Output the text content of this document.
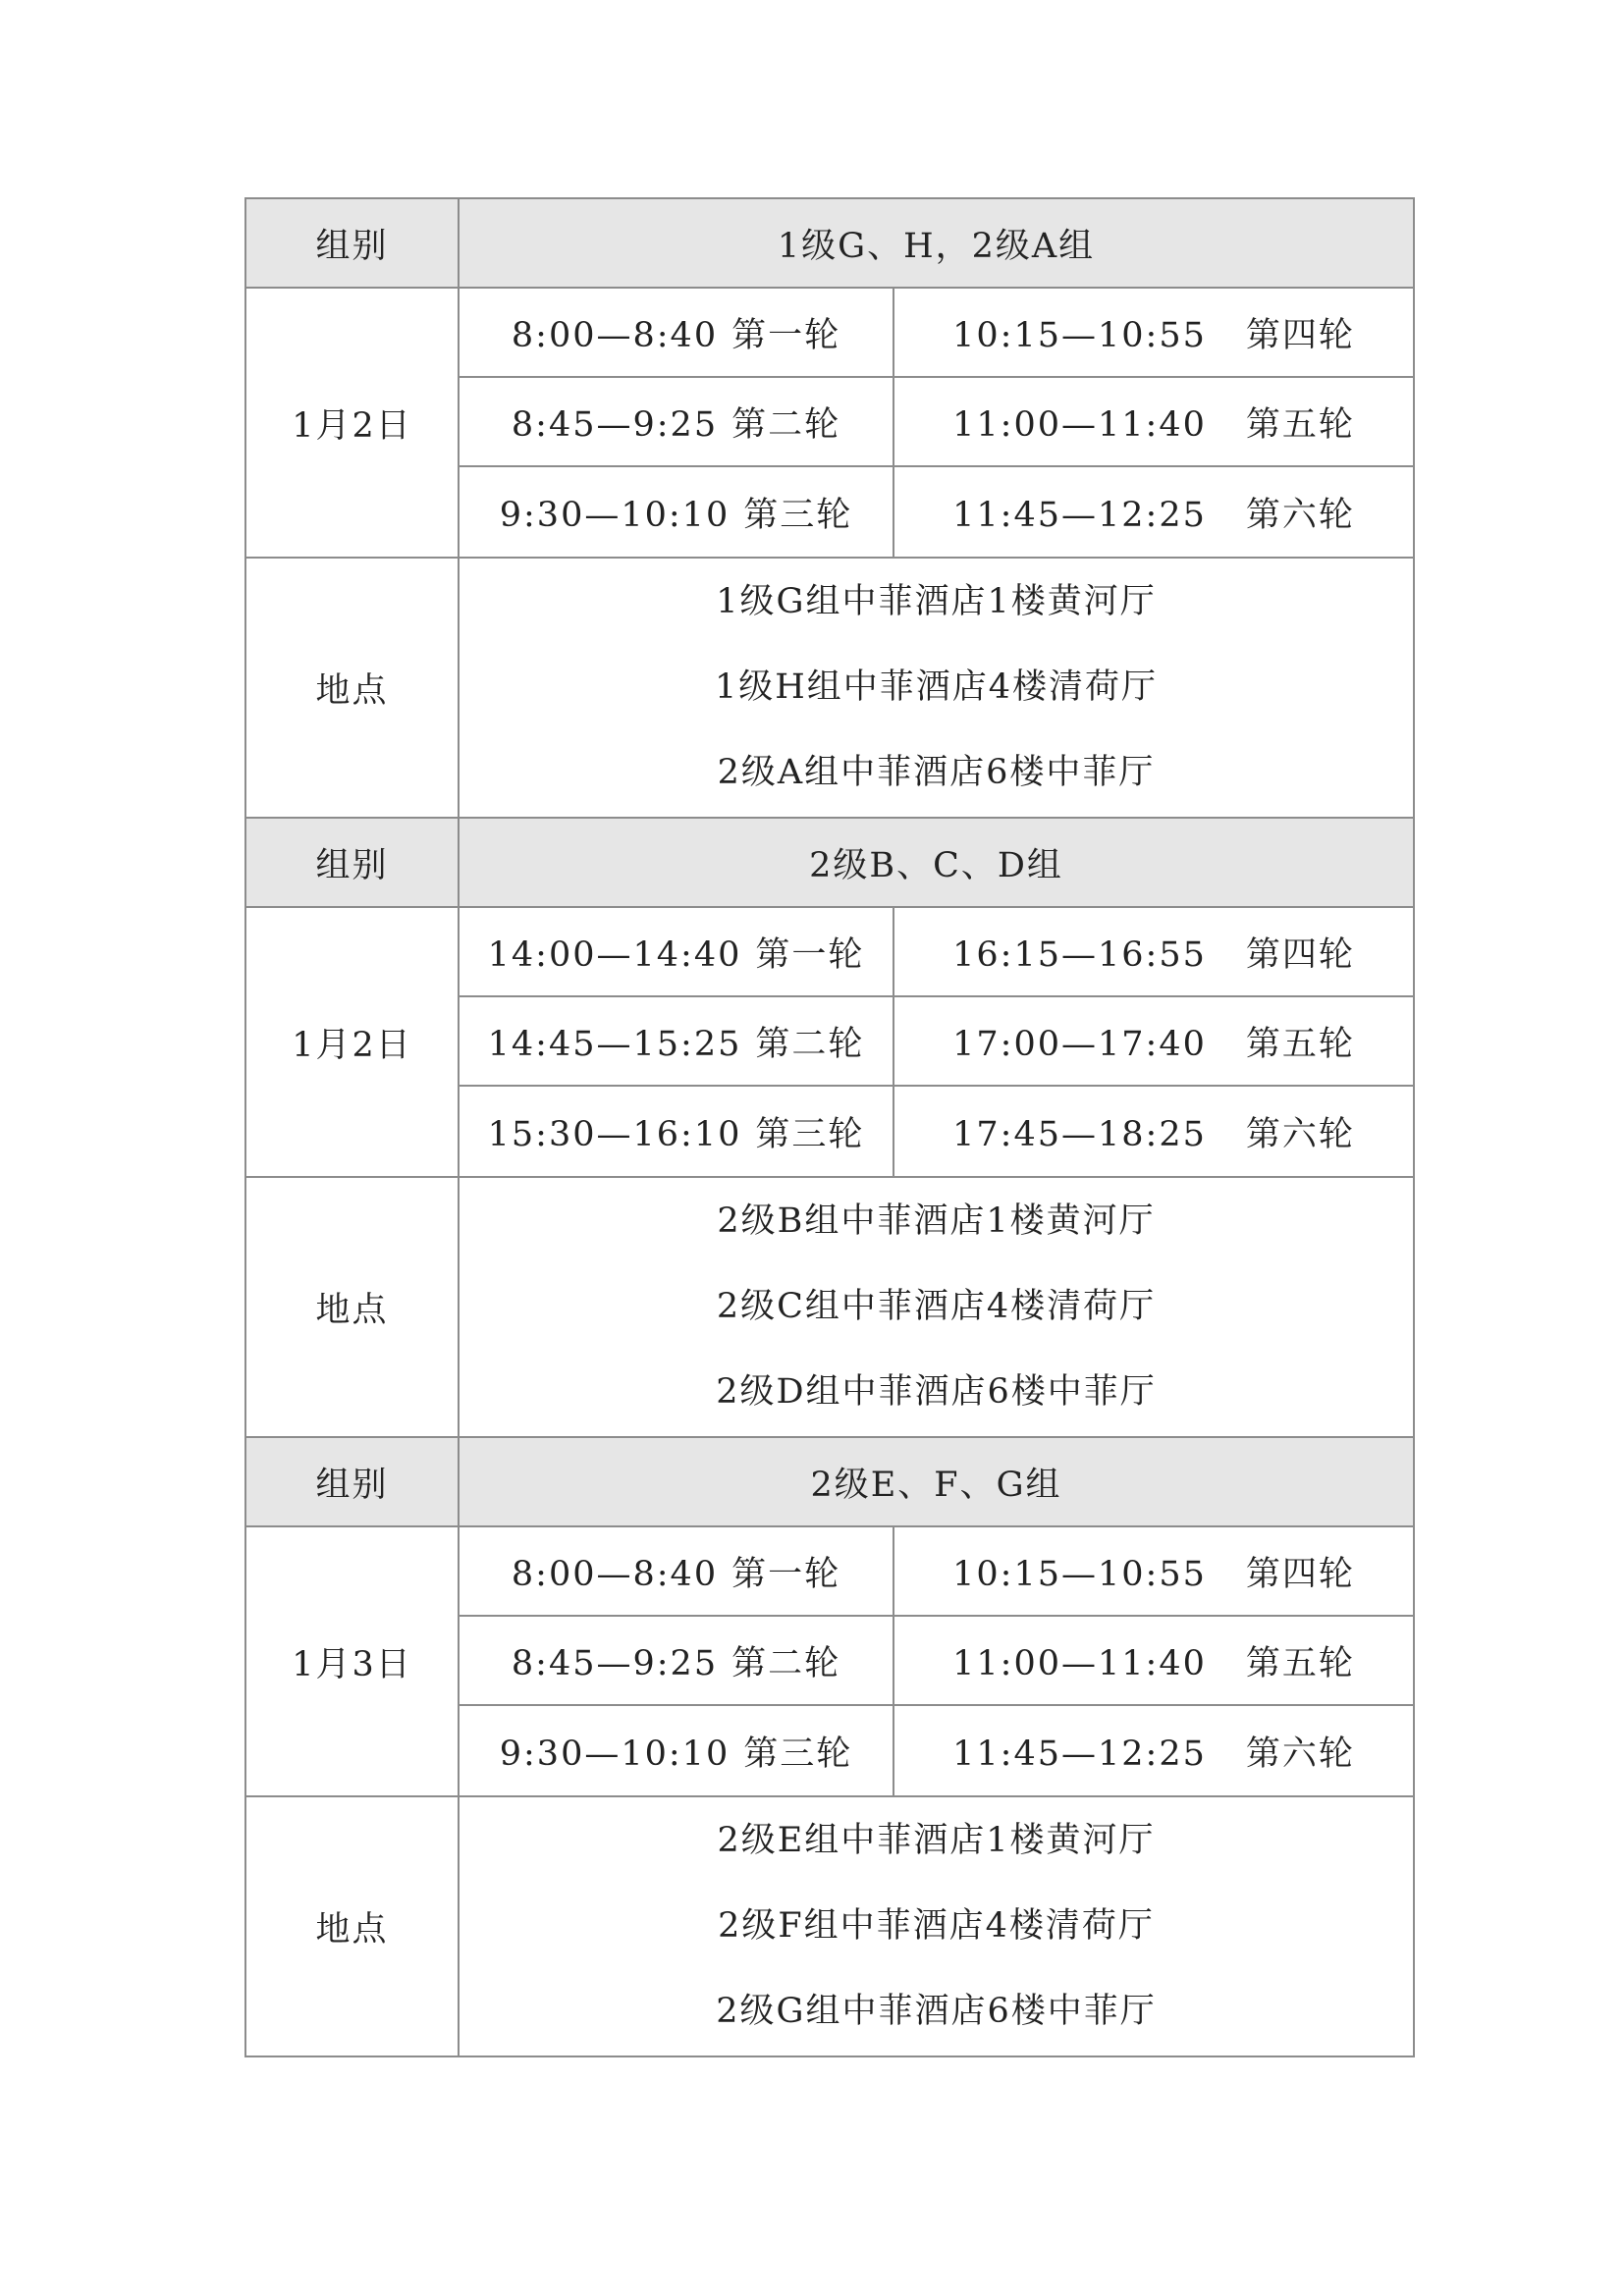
组别	1级G、H，2级A组	
1月2日	8:00—8:40 第一轮	10:15—10:55 第四轮
	8:45—9:25 第二轮	11:00—11:40 第五轮
	9:30—10:10 第三轮	11:45—12:25 第六轮
地点	1级G组中菲酒店1楼黄河厅
1级H组中菲酒店4楼清荷厅
2级A组中菲酒店6楼中菲厅	

组别	2级B、C、D组	
1月2日	14:00—14:40 第一轮	16:15—16:55 第四轮
	14:45—15:25 第二轮	17:00—17:40 第五轮
	15:30—16:10 第三轮	17:45—18:25 第六轮
地点	2级B组中菲酒店1楼黄河厅
2级C组中菲酒店4楼清荷厅
2级D组中菲酒店6楼中菲厅	

组别	2级E、F、G组	
1月3日	8:00—8:40 第一轮	10:15—10:55 第四轮
	8:45—9:25 第二轮	11:00—11:40 第五轮
	9:30—10:10 第三轮	11:45—12:25 第六轮
地点	2级E组中菲酒店1楼黄河厅
2级F组中菲酒店4楼清荷厅
2级G组中菲酒店6楼中菲厅	
